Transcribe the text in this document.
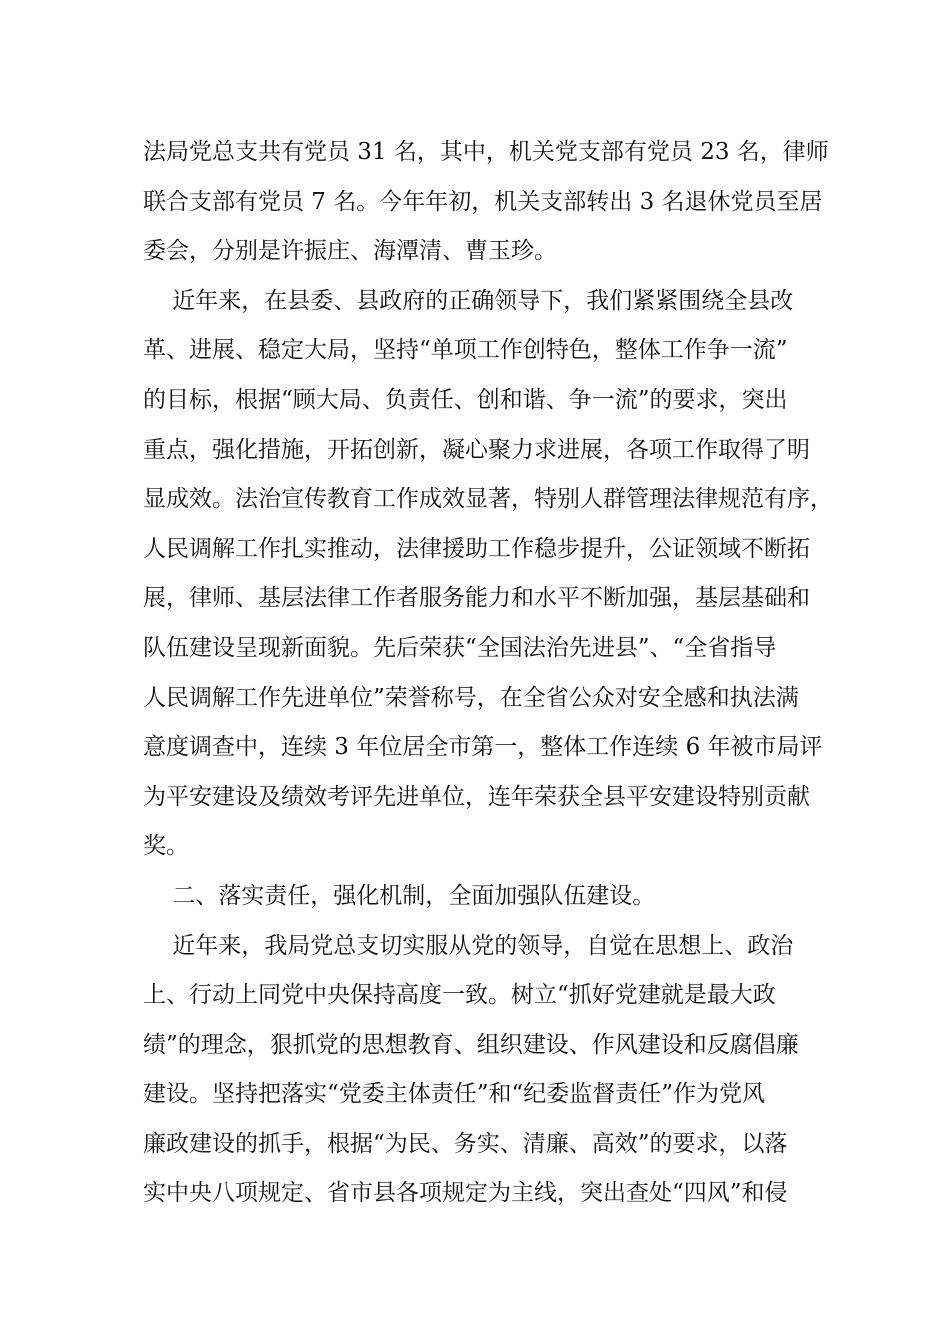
法局党总支共有党员 31 名，其中，机关党支部有党员 23 名，律师

联合支部有党员 7 名。今年年初，机关支部转出 3 名退休党员至居

委会，分别是许振庄、海潭清、曹玉珍。

近年来，在县委、县政府的正确领导下，我们紧紧围绕全县改

革、进展、稳定大局，坚持“单项工作创特色，整体工作争一流”

的目标，根据“顾大局、负责任、创和谐、争一流”的要求，突出

重点，强化措施，开拓创新，凝心聚力求进展，各项工作取得了明

显成效。法治宣传教育工作成效显著，特别人群管理法律规范有序，

人民调解工作扎实推动，法律援助工作稳步提升，公证领域不断拓

展，律师、基层法律工作者服务能力和水平不断加强，基层基础和

队伍建设呈现新面貌。先后荣获“全国法治先进县”、“全省指导

人民调解工作先进单位”荣誉称号，在全省公众对安全感和执法满

意度调查中，连续 3 年位居全市第一，整体工作连续 6 年被市局评

为平安建设及绩效考评先进单位，连年荣获全县平安建设特别贡献

奖。

二、落实责任，强化机制，全面加强队伍建设。

近年来，我局党总支切实服从党的领导，自觉在思想上、政治

上、行动上同党中央保持高度一致。树立“抓好党建就是最大政

绩”的理念，狠抓党的思想教育、组织建设、作风建设和反腐倡廉

建设。坚持把落实“党委主体责任”和“纪委监督责任”作为党风

廉政建设的抓手，根据“为民、务实、清廉、高效”的要求，以落

实中央八项规定、省市县各项规定为主线，突出查处“四风”和侵
